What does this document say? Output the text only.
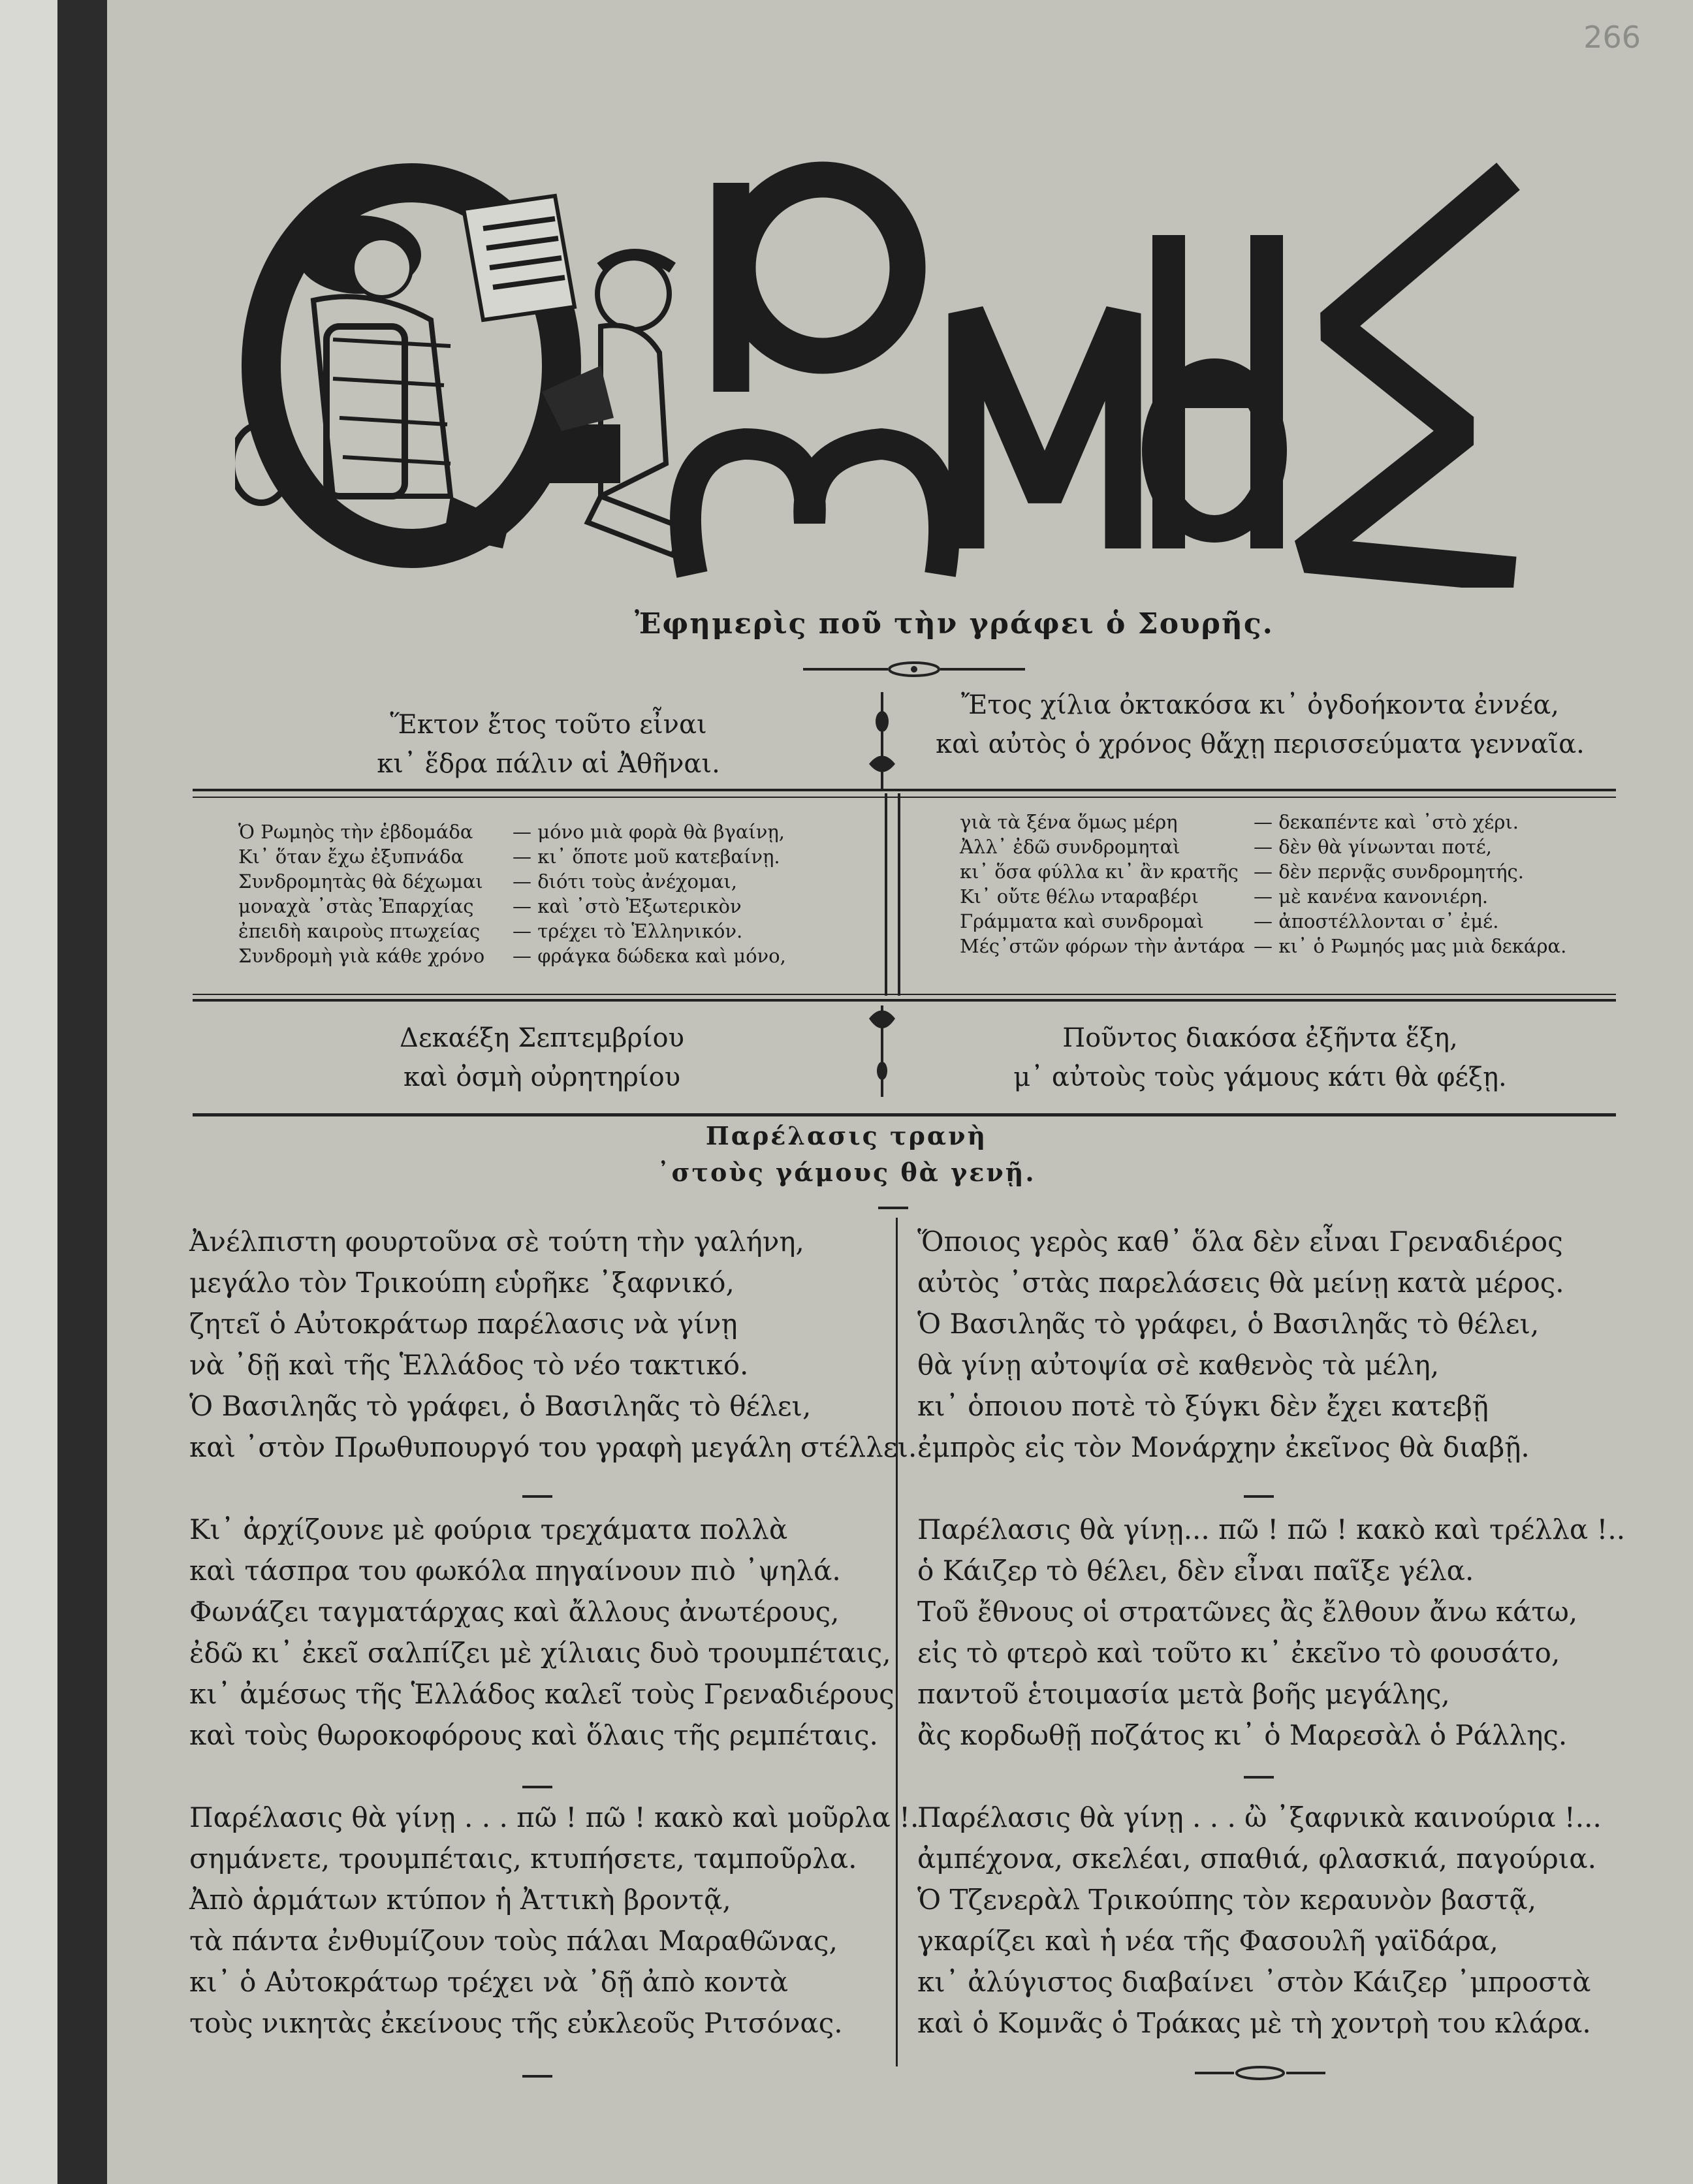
266
Ἐφημερὶς ποῦ τὴν γράφει ὁ Σουρῆς.
Ἕκτον ἔτος τοῦτο εἶναι
κι᾽ ἕδρα πάλιν αἱ Ἀθῆναι.
Ἔτος χίλια ὀκτακόσα κι᾽ ὀγδοήκοντα ἐννέα,
καὶ αὐτὸς ὁ χρόνος θἄχῃ περισσεύματα γενναῖα.
Ὁ Ρωμηὸς τὴν ἑβδομάδα	— μόνο μιὰ φορὰ θὰ βγαίνῃ,
Κι᾽ ὅταν ἔχω ἐξυπνάδα	— κι᾽ ὅποτε μοῦ κατεβαίνῃ.
Συνδρομητὰς θὰ δέχωμαι	— διότι τοὺς ἀνέχομαι,
μοναχὰ ᾽στὰς Ἐπαρχίας	— καὶ ᾽στὸ Ἐξωτερικὸν
ἐπειδὴ καιροὺς πτωχείας	— τρέχει τὸ Ἑλληνικόν.
Συνδρομὴ γιὰ κάθε χρόνο	— φράγκα δώδεκα καὶ μόνο,
γιὰ τὰ ξένα ὅμως μέρη	— δεκαπέντε καὶ ᾽στὸ χέρι.
Ἀλλ᾽ ἐδῶ συνδρομηταὶ	— δὲν θὰ γίνωνται ποτέ,
κι᾽ ὅσα φύλλα κι᾽ ἂν κρατῆς — δὲν περνᾷς συνδρομητής.
Κι᾽ οὔτε θέλω νταραβέρι	— μὲ κανένα κανονιέρη.
Γράμματα καὶ συνδρομαὶ	— ἀποστέλλονται σ᾽ ἐμέ.
Μές᾽στῶν φόρων τὴν ἀντάρα — κι᾽ ὁ Ρωμηός μας μιὰ δεκάρα.
Δεκαέξη Σεπτεμβρίου
καὶ ὀσμὴ οὐρητηρίου
Ποῦντος διακόσα ἐξῆντα ἕξη,
μ᾽ αὐτοὺς τοὺς γάμους κάτι θὰ φέξῃ.
Παρέλασις τρανὴ
᾽στοὺς γάμους θὰ γενῇ.
Ἀνέλπιστη φουρτοῦνα σὲ τούτη τὴν γαλήνη,
μεγάλο τὸν Τρικούπη εὑρῆκε ᾽ξαφνικό,
ζητεῖ ὁ Αὐτοκράτωρ παρέλασις νὰ γίνῃ
νὰ ᾽δῇ καὶ τῆς Ἑλλάδος τὸ νέο τακτικό.
Ὁ Βασιληᾶς τὸ γράφει, ὁ Βασιληᾶς τὸ θέλει,
καὶ ᾽στὸν Πρωθυπουργό του γραφὴ μεγάλη στέλλει.
Κι᾽ ἀρχίζουνε μὲ φούρια τρεχάματα πολλὰ
καὶ τάσπρα του φωκόλα πηγαίνουν πιὸ ᾽ψηλά.
Φωνάζει ταγματάρχας καὶ ἄλλους ἀνωτέρους,
ἐδῶ κι᾽ ἐκεῖ σαλπίζει μὲ χίλιαις δυὸ τρουμπέταις,
κι᾽ ἀμέσως τῆς Ἑλλάδος καλεῖ τοὺς Γρεναδιέρους
καὶ τοὺς θωροκοφόρους καὶ ὅλαις τῆς ρεμπέταις.
Παρέλασις θὰ γίνῃ . . . πῶ ! πῶ ! κακὸ καὶ μοῦρλα !..
σημάνετε, τρουμπέταις, κτυπήσετε, ταμποῦρλα.
Ἀπὸ ἁρμάτων κτύπον ἡ Ἀττικὴ βροντᾷ,
τὰ πάντα ἐνθυμίζουν τοὺς πάλαι Μαραθῶνας,
κι᾽ ὁ Αὐτοκράτωρ τρέχει νὰ ᾽δῇ ἀπὸ κοντὰ
τοὺς νικητὰς ἐκείνους τῆς εὐκλεοῦς Ριτσόνας.
Ὅποιος γερὸς καθ᾽ ὅλα δὲν εἶναι Γρεναδιέρος
αὐτὸς ᾽στὰς παρελάσεις θὰ μείνῃ κατὰ μέρος.
Ὁ Βασιληᾶς τὸ γράφει, ὁ Βασιληᾶς τὸ θέλει,
θὰ γίνῃ αὐτοψία σὲ καθενὸς τὰ μέλη,
κι᾽ ὁποιου ποτὲ τὸ ξύγκι δὲν ἔχει κατεβῇ
ἐμπρὸς εἰς τὸν Μονάρχην ἐκεῖνος θὰ διαβῇ.
Παρέλασις θὰ γίνῃ... πῶ ! πῶ ! κακὸ καὶ τρέλλα !..
ὁ Κάιζερ τὸ θέλει, δὲν εἶναι παῖξε γέλα.
Τοῦ ἔθνους οἱ στρατῶνες ἂς ἔλθουν ἄνω κάτω,
εἰς τὸ φτερὸ καὶ τοῦτο κι᾽ ἐκεῖνο τὸ φουσάτο,
παντοῦ ἑτοιμασία μετὰ βοῆς μεγάλης,
ἂς κορδωθῇ ποζάτος κι᾽ ὁ Μαρεσὰλ ὁ Ράλλης.
Παρέλασις θὰ γίνῃ . . . ὢ ᾽ξαφνικὰ καινούρια !...
ἀμπέχονα, σκελέαι, σπαθιά, φλασκιά, παγούρια.
Ὁ Τζενερὰλ Τρικούπης τὸν κεραυνὸν βαστᾷ,
γκαρίζει καὶ ἡ νέα τῆς Φασουλῆ γαϊδάρα,
κι᾽ ἀλύγιστος διαβαίνει ᾽στὸν Κάιζερ ᾽μπροστὰ
καὶ ὁ Κομνᾶς ὁ Τράκας μὲ τὴ χοντρὴ του κλάρα.
